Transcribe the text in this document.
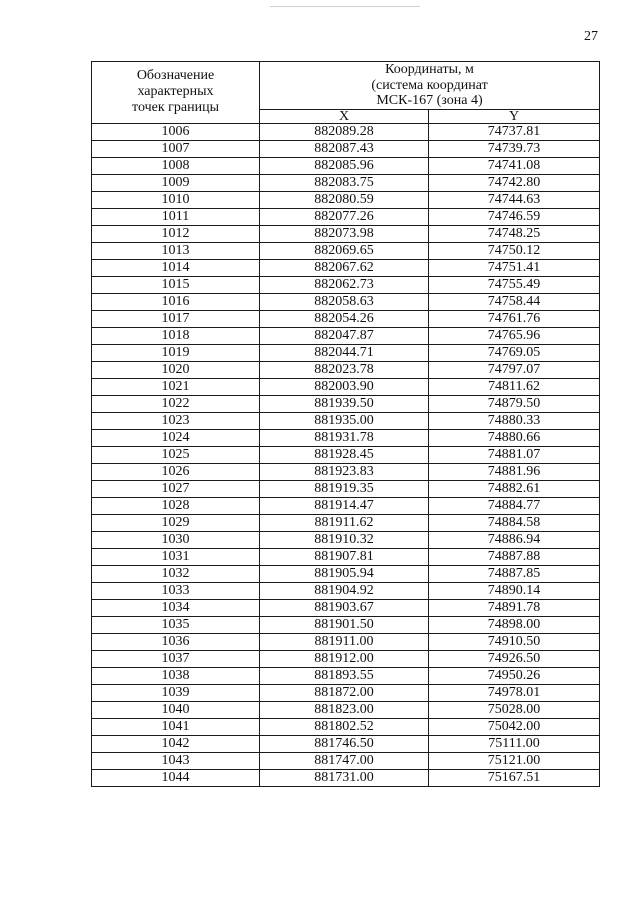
27
Обозначение
характерных
точек границы	Координаты, м
(система координат
МСК-167 (зона 4)	
	X	Y
1006	882089.28	74737.81
1007	882087.43	74739.73
1008	882085.96	74741.08
1009	882083.75	74742.80
1010	882080.59	74744.63
1011	882077.26	74746.59
1012	882073.98	74748.25
1013	882069.65	74750.12
1014	882067.62	74751.41
1015	882062.73	74755.49
1016	882058.63	74758.44
1017	882054.26	74761.76
1018	882047.87	74765.96
1019	882044.71	74769.05
1020	882023.78	74797.07
1021	882003.90	74811.62
1022	881939.50	74879.50
1023	881935.00	74880.33
1024	881931.78	74880.66
1025	881928.45	74881.07
1026	881923.83	74881.96
1027	881919.35	74882.61
1028	881914.47	74884.77
1029	881911.62	74884.58
1030	881910.32	74886.94
1031	881907.81	74887.88
1032	881905.94	74887.85
1033	881904.92	74890.14
1034	881903.67	74891.78
1035	881901.50	74898.00
1036	881911.00	74910.50
1037	881912.00	74926.50
1038	881893.55	74950.26
1039	881872.00	74978.01
1040	881823.00	75028.00
1041	881802.52	75042.00
1042	881746.50	75111.00
1043	881747.00	75121.00
1044	881731.00	75167.51
